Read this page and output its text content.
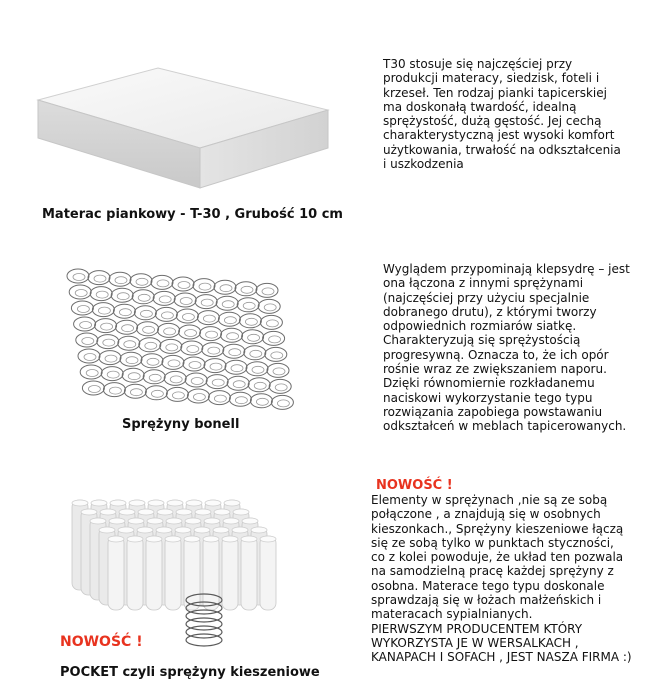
Materac piankowy - T-30 , Grubość 10 cm
T30 stosuje się najczęściej przy
produkcji materacy, siedzisk, foteli i
krzeseł. Ten rodzaj pianki tapicerskiej
ma doskonałą twardość, idealną
sprężystość, dużą gęstość. Jej cechą
charakterystyczną jest wysoki komfort
użytkowania, trwałość na odkształcenia
i uszkodzenia
Sprężyny bonell
Wyglądem przypominają klepsydrę – jest
ona łączona z innymi sprężynami
(najczęściej przy użyciu specjalnie
dobranego drutu), z którymi tworzy
odpowiednich rozmiarów siatkę.
Charakteryzują się sprężystością
progresywną. Oznacza to, że ich opór
rośnie wraz ze zwiększaniem naporu.
Dzięki równomiernie rozkładanemu
naciskowi wykorzystanie tego typu
rozwiązania zapobiega powstawaniu
odkształceń w meblach tapicerowanych.
NOWOŚĆ !
POCKET czyli sprężyny kieszeniowe
NOWOŚĆ !
Elementy w sprężynach ,nie są ze sobą
połączone , a znajdują się w osobnych
kieszonkach., Sprężyny kieszeniowe łączą
się ze sobą tylko w punktach styczności,
co z kolei powoduje, że układ ten pozwala
na samodzielną pracę każdej sprężyny z
osobna. Materace tego typu doskonale
sprawdzają się w łożach małżeńskich i
materacach sypialnianych.
PIERWSZYM PRODUCENTEM KTÓRY
WYKORZYSTA JE W WERSALKACH ,
KANAPACH I SOFACH , JEST NASZA FIRMA :)
